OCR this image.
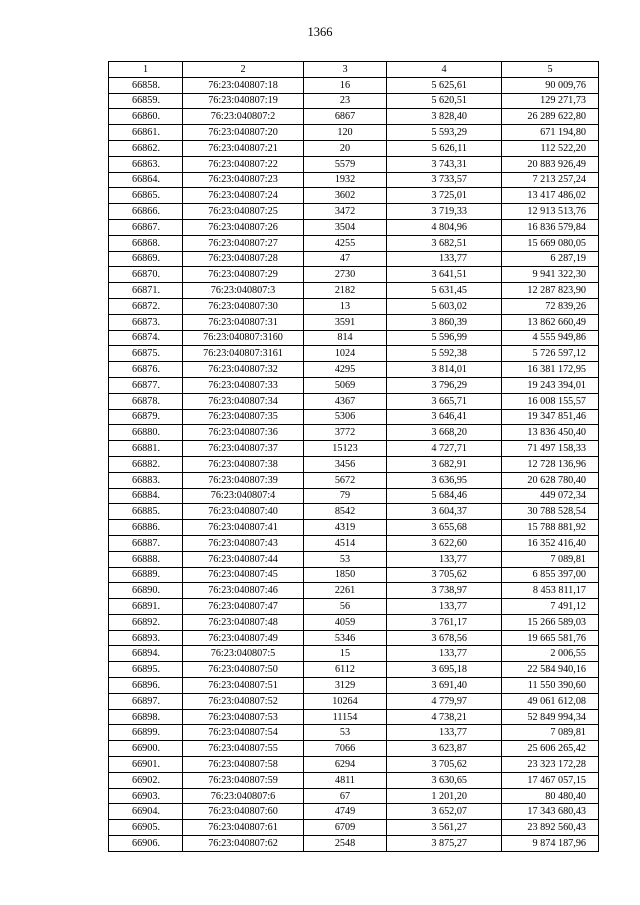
1366
1	2	3	4	5
66858.	76:23:040807:18	16	5 625,61	90 009,76
66859.	76:23:040807:19	23	5 620,51	129 271,73
66860.	76:23:040807:2	6867	3 828,40	26 289 622,80
66861.	76:23:040807:20	120	5 593,29	671 194,80
66862.	76:23:040807:21	20	5 626,11	112 522,20
66863.	76:23:040807:22	5579	3 743,31	20 883 926,49
66864.	76:23:040807:23	1932	3 733,57	7 213 257,24
66865.	76:23:040807:24	3602	3 725,01	13 417 486,02
66866.	76:23:040807:25	3472	3 719,33	12 913 513,76
66867.	76:23:040807:26	3504	4 804,96	16 836 579,84
66868.	76:23:040807:27	4255	3 682,51	15 669 080,05
66869.	76:23:040807:28	47	133,77	6 287,19
66870.	76:23:040807:29	2730	3 641,51	9 941 322,30
66871.	76:23:040807:3	2182	5 631,45	12 287 823,90
66872.	76:23:040807:30	13	5 603,02	72 839,26
66873.	76:23:040807:31	3591	3 860,39	13 862 660,49
66874.	76:23:040807:3160	814	5 596,99	4 555 949,86
66875.	76:23:040807:3161	1024	5 592,38	5 726 597,12
66876.	76:23:040807:32	4295	3 814,01	16 381 172,95
66877.	76:23:040807:33	5069	3 796,29	19 243 394,01
66878.	76:23:040807:34	4367	3 665,71	16 008 155,57
66879.	76:23:040807:35	5306	3 646,41	19 347 851,46
66880.	76:23:040807:36	3772	3 668,20	13 836 450,40
66881.	76:23:040807:37	15123	4 727,71	71 497 158,33
66882.	76:23:040807:38	3456	3 682,91	12 728 136,96
66883.	76:23:040807:39	5672	3 636,95	20 628 780,40
66884.	76:23:040807:4	79	5 684,46	449 072,34
66885.	76:23:040807:40	8542	3 604,37	30 788 528,54
66886.	76:23:040807:41	4319	3 655,68	15 788 881,92
66887.	76:23:040807:43	4514	3 622,60	16 352 416,40
66888.	76:23:040807:44	53	133,77	7 089,81
66889.	76:23:040807:45	1850	3 705,62	6 855 397,00
66890.	76:23:040807:46	2261	3 738,97	8 453 811,17
66891.	76:23:040807:47	56	133,77	7 491,12
66892.	76:23:040807:48	4059	3 761,17	15 266 589,03
66893.	76:23:040807:49	5346	3 678,56	19 665 581,76
66894.	76:23:040807:5	15	133,77	2 006,55
66895.	76:23:040807:50	6112	3 695,18	22 584 940,16
66896.	76:23:040807:51	3129	3 691,40	11 550 390,60
66897.	76:23:040807:52	10264	4 779,97	49 061 612,08
66898.	76:23:040807:53	11154	4 738,21	52 849 994,34
66899.	76:23:040807:54	53	133,77	7 089,81
66900.	76:23:040807:55	7066	3 623,87	25 606 265,42
66901.	76:23:040807:58	6294	3 705,62	23 323 172,28
66902.	76:23:040807:59	4811	3 630,65	17 467 057,15
66903.	76:23:040807:6	67	1 201,20	80 480,40
66904.	76:23:040807:60	4749	3 652,07	17 343 680,43
66905.	76:23:040807:61	6709	3 561,27	23 892 560,43
66906.	76:23:040807:62	2548	3 875,27	9 874 187,96
